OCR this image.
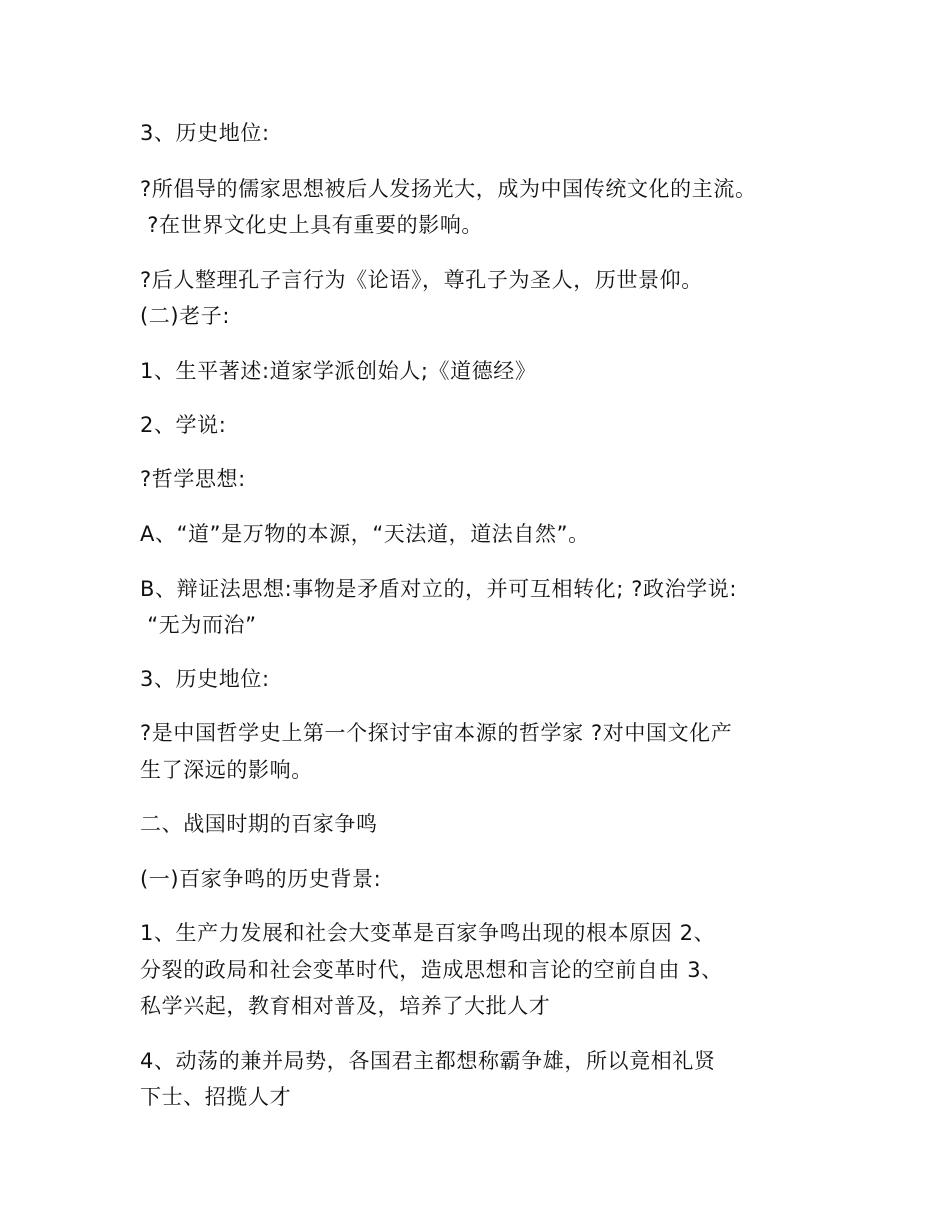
3、历史地位:
?所倡导的儒家思想被后人发扬光大，成为中国传统文化的主流。
?在世界文化史上具有重要的影响。
?后人整理孔子言行为《论语》，尊孔子为圣人，历世景仰。
(二)老子:
1、生平著述:道家学派创始人;《道德经》
2、学说:
?哲学思想:
A、“道”是万物的本源，“天法道，道法自然”。
B、辩证法思想:事物是矛盾对立的，并可互相转化; ?政治学说:
“无为而治”
3、历史地位:
?是中国哲学史上第一个探讨宇宙本源的哲学家 ?对中国文化产
生了深远的影响。
二、战国时期的百家争鸣
(一)百家争鸣的历史背景:
1、生产力发展和社会大变革是百家争鸣出现的根本原因 2、
分裂的政局和社会变革时代，造成思想和言论的空前自由 3、
私学兴起，教育相对普及，培养了大批人才
4、动荡的兼并局势，各国君主都想称霸争雄，所以竟相礼贤
下士、招揽人才
